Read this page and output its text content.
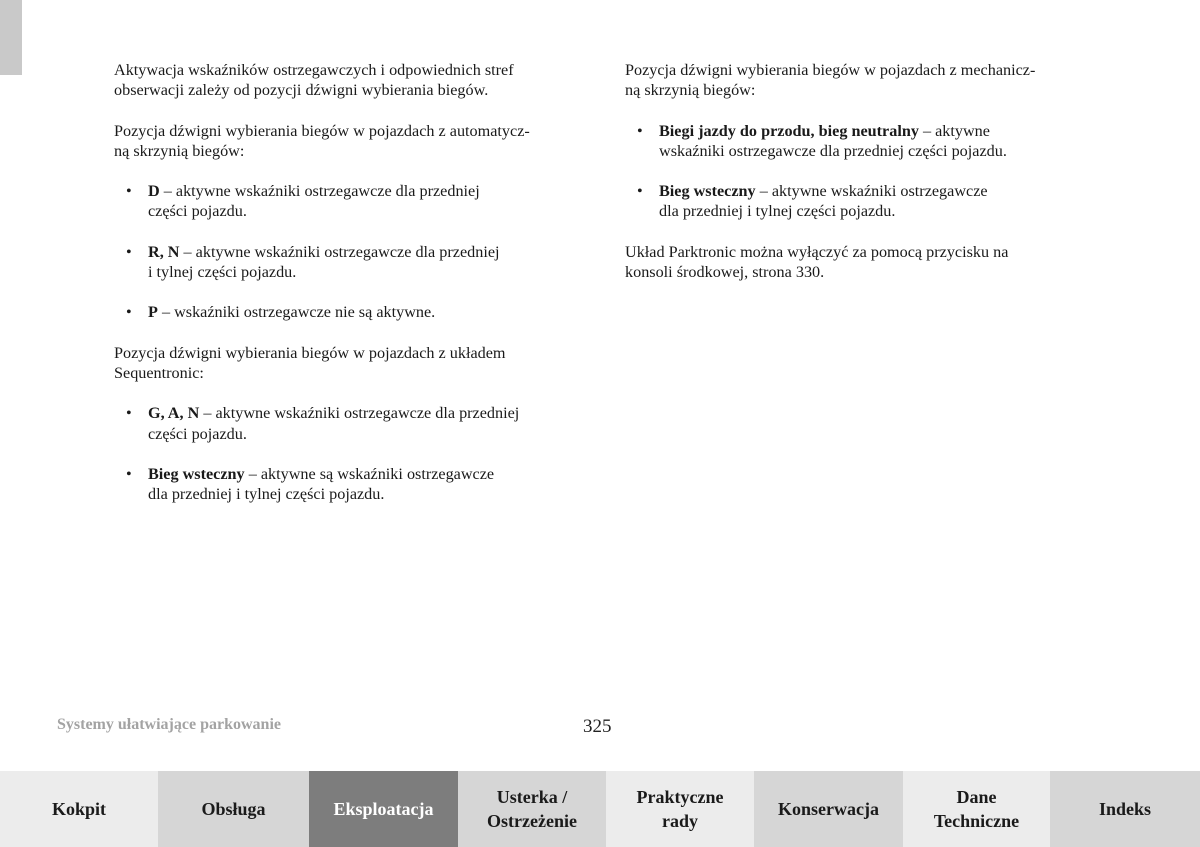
Aktywacja wskaźników ostrzegawczych i odpowiednich stref
obserwacji zależy od pozycji dźwigni wybierania biegów.

Pozycja dźwigni wybierania biegów w pojazdach z automatycz-
ną skrzynią biegów:

• D – aktywne wskaźniki ostrzegawcze dla przedniej
części pojazdu.
• R, N – aktywne wskaźniki ostrzegawcze dla przedniej
i tylnej części pojazdu.
• P – wskaźniki ostrzegawcze nie są aktywne.

Pozycja dźwigni wybierania biegów w pojazdach z układem
Sequentronic:

• G, A, N – aktywne wskaźniki ostrzegawcze dla przedniej
części pojazdu.
• Bieg wsteczny – aktywne są wskaźniki ostrzegawcze
dla przedniej i tylnej części pojazdu.

Pozycja dźwigni wybierania biegów w pojazdach z mechanicz-
ną skrzynią biegów:

• Biegi jazdy do przodu, bieg neutralny – aktywne
wskaźniki ostrzegawcze dla przedniej części pojazdu.
• Bieg wsteczny – aktywne wskaźniki ostrzegawcze
dla przedniej i tylnej części pojazdu.

Układ Parktronic można wyłączyć za pomocą przycisku na
konsoli środkowej, strona 330.

Systemy ułatwiające parkowanie	325
Kokpit	Obsługa	Eksploatacja
Usterka /
Ostrzeżenie
Praktyczne
rady
Konserwacja
Dane
Techniczne
Indeks
